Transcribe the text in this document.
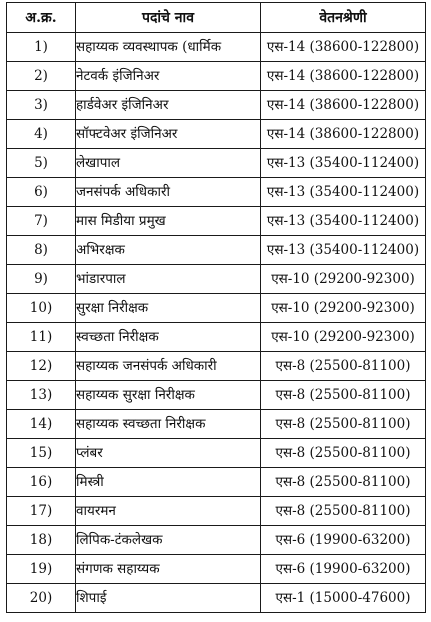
अ.क्र.	पदांचे नाव	वेतनश्रेणी
1)	सहाय्यक व्यवस्थापक (धार्मिक	एस-14 (38600-122800)
2)	नेटवर्क इंजिनिअर	एस-14 (38600-122800)
3)	हार्डवेअर इंजिनिअर	एस-14 (38600-122800)
4)	सॉफ्टवेअर इंजिनिअर	एस-14 (38600-122800)
5)	लेखापाल	एस-13 (35400-112400)
6)	जनसंपर्क अधिकारी	एस-13 (35400-112400)
7)	मास मिडीया प्रमुख	एस-13 (35400-112400)
8)	अभिरक्षक	एस-13 (35400-112400)
9)	भांडारपाल	एस-10 (29200-92300)
10)	सुरक्षा निरीक्षक	एस-10 (29200-92300)
11)	स्वच्छता निरीक्षक	एस-10 (29200-92300)
12)	सहाय्यक जनसंपर्क अधिकारी	एस-8 (25500-81100)
13)	सहाय्यक सुरक्षा निरीक्षक	एस-8 (25500-81100)
14)	सहाय्यक स्वच्छता निरीक्षक	एस-8 (25500-81100)
15)	प्लंबर	एस-8 (25500-81100)
16)	मिस्त्री	एस-8 (25500-81100)
17)	वायरमन	एस-8 (25500-81100)
18)	लिपिक-टंकलेखक	एस-6 (19900-63200)
19)	संगणक सहाय्यक	एस-6 (19900-63200)
20)	शिपाई	एस-1 (15000-47600)
